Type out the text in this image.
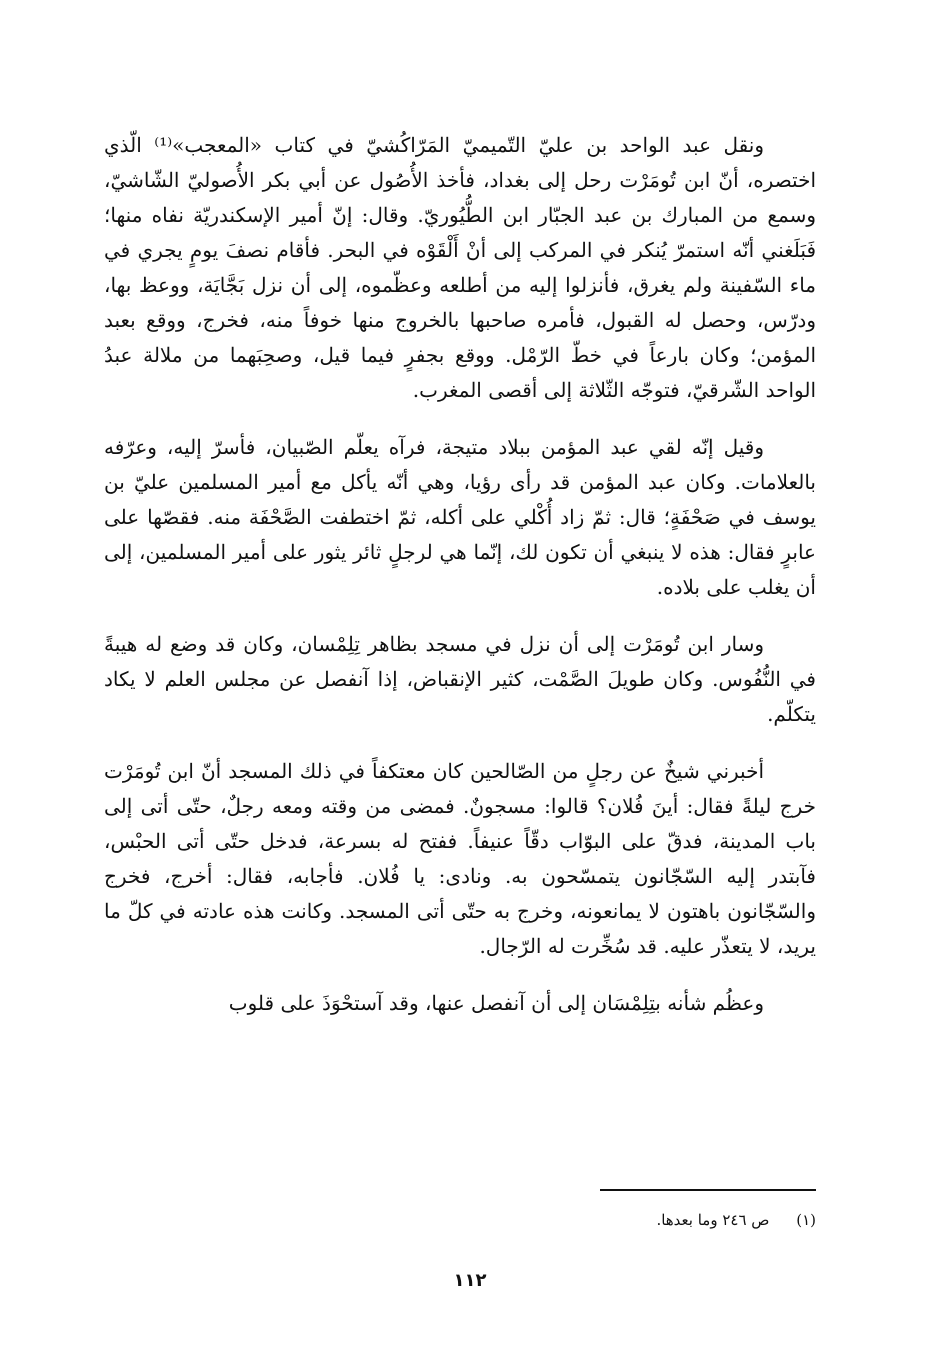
ونقل عبد الواحد بن عليّ التّميميّ المَرّاكُشيّ في كتاب «المعجب»⁽¹⁾ الّذي اختصره، أنّ ابن تُومَرْت رحل إلى بغداد، فأخذ الأُصُول عن أبي بكر الأُصوليّ الشّاشيّ، وسمع من المبارك بن عبد الجبّار ابن الطُّيُوريّ. وقال: إنّ أمير الإسكندريّة نفاه منها؛ فَبَلَغني أنّه استمرّ يُنكر في المركب إلى أنْ أَلْقَوْه في البحر. فأقام نصفَ يومٍ يجري في ماء السّفينة ولم يغرق، فأنزلوا إليه من أطلعه وعظّموه، إلى أن نزل بَجَّايَة، ووعظ بها، ودرّس، وحصل له القبول، فأمره صاحبها بالخروج منها خوفاً منه، فخرج، ووقع بعبد المؤمن؛ وكان بارعاً في خطّ الرّمْل. ووقع بجفرٍ فيما قيل، وصحِبَهما من ملالة عبدُ الواحد الشّرقيّ، فتوجّه الثّلاثة إلى أقصى المغرب.

وقيل إنّه لقي عبد المؤمن ببلاد متيجة، فرآه يعلّم الصّبيان، فأسرّ إليه، وعرّفه بالعلامات. وكان عبد المؤمن قد رأى رؤيا، وهي أنّه يأكل مع أمير المسلمين عليّ بن يوسف في صَحْفَةٍ؛ قال: ثمّ زاد أُكْلي على أكله، ثمّ اختطفت الصَّحْفَة منه. فقصّها على عابرٍ فقال: هذه لا ينبغي أن تكون لك، إنّما هي لرجلٍ ثائر يثور على أمير المسلمين، إلى أن يغلب على بلاده.

وسار ابن تُومَرْت إلى أن نزل في مسجد بظاهر تِلِمْسان، وكان قد وضع له هيبةً في النُّفُوس. وكان طويلَ الصَّمْت، كثير الإنقباض، إذا آنفصل عن مجلس العلم لا يكاد يتكلّم.

أخبرني شيخٌ عن رجلٍ من الصّالحين كان معتكفاً في ذلك المسجد أنّ ابن تُومَرْت خرج ليلةً فقال: أينَ فُلان؟ قالوا: مسجونٌ. فمضى من وقته ومعه رجلٌ، حتّى أتى إلى باب المدينة، فدقّ على البوّاب دقّاً عنيفاً. ففتح له بسرعة، فدخل حتّى أتى الحبْس، فآبتدر إليه السّجّانون يتمسّحون به. ونادى: يا فُلان. فأجابه، فقال: أخرج، فخرج والسّجّانون باهتون لا يمانعونه، وخرج به حتّى أتى المسجد. وكانت هذه عادته في كلّ ما يريد، لا يتعذّر عليه. قد سُخِّرت له الرّجال.

وعظُم شأنه بتِلِمْسَان إلى أن آنفصل عنها، وقد آستحْوَذَ على قلوب

(١) ص ٢٤٦ وما بعدها.
١١٢
